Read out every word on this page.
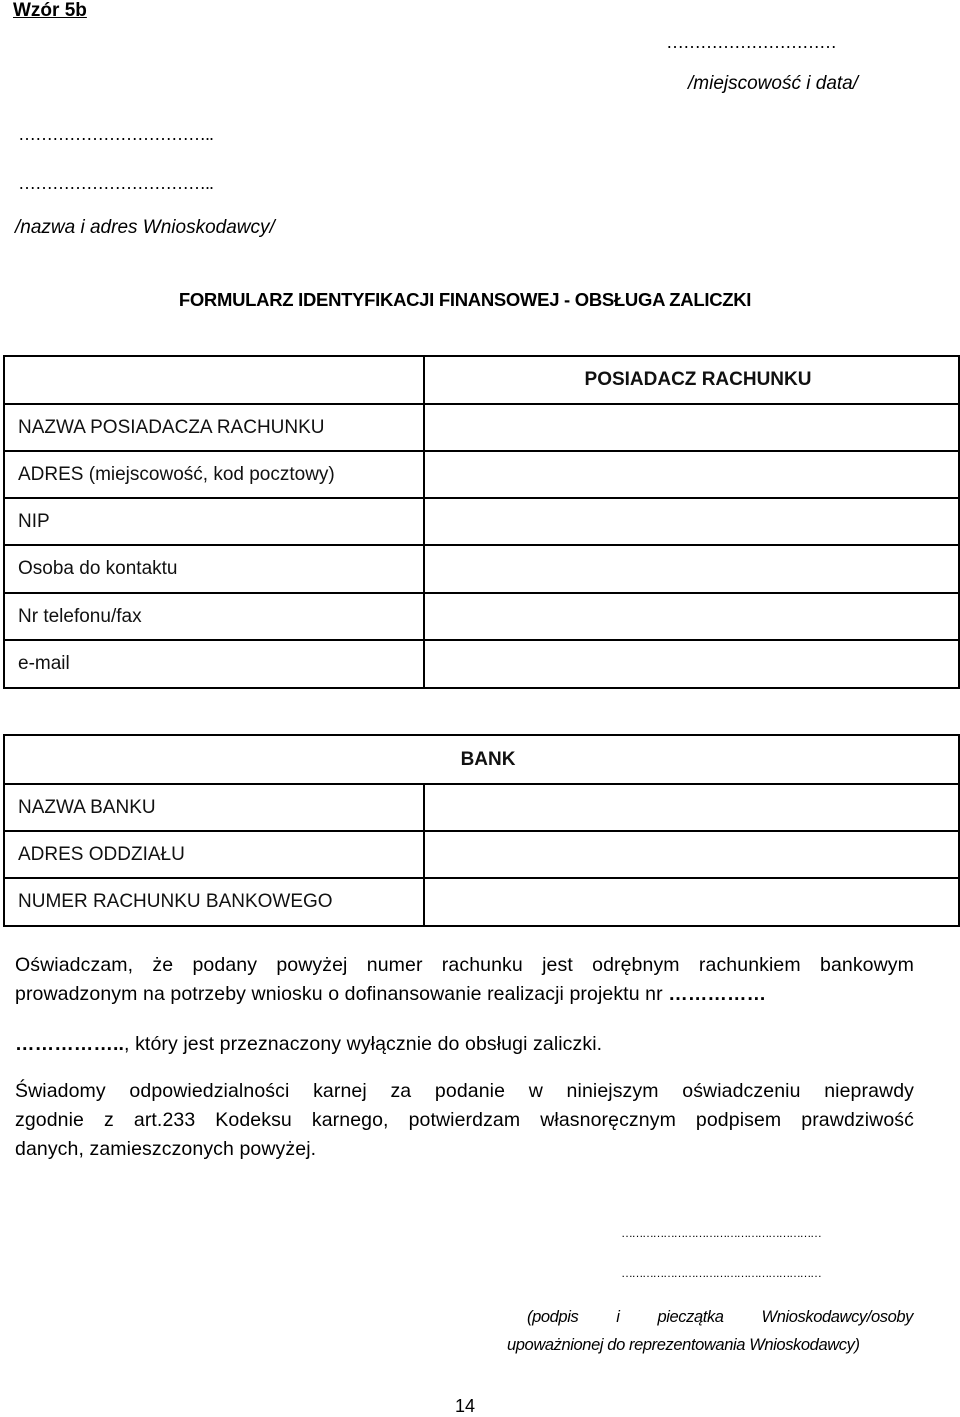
Wzór 5b
…………………………
/miejscowość i data/
……………………………..
……………………………..
/nazwa i adres Wnioskodawcy/
FORMULARZ IDENTYFIKACJI FINANSOWEJ - OBSŁUGA ZALICZKI
	POSIADACZ RACHUNKU
NAZWA POSIADACZA RACHUNKU	
ADRES (miejscowość, kod pocztowy)	
NIP	
Osoba do kontaktu	
Nr telefonu/fax	
e-mail	
BANK	
NAZWA BANKU	
ADRES ODDZIAŁU	
NUMER RACHUNKU BANKOWEGO	
Oświadczam, że podany powyżej numer rachunku jest odrębnym rachunkiem bankowym
prowadzonym na potrzeby wniosku o dofinansowanie realizacji projektu nr ……………
…………….., który jest przeznaczony wyłącznie do obsługi zaliczki.
Świadomy odpowiedzialności karnej za podanie w niniejszym oświadczeniu nieprawdy
zgodnie z art.233 Kodeksu karnego, potwierdzam własnoręcznym podpisem prawdziwość
danych, zamieszczonych powyżej.
…………………………………………………
…………………………………………………
(podpis i pieczątka Wnioskodawcy/osoby
upoważnionej do reprezentowania Wnioskodawcy)
14
